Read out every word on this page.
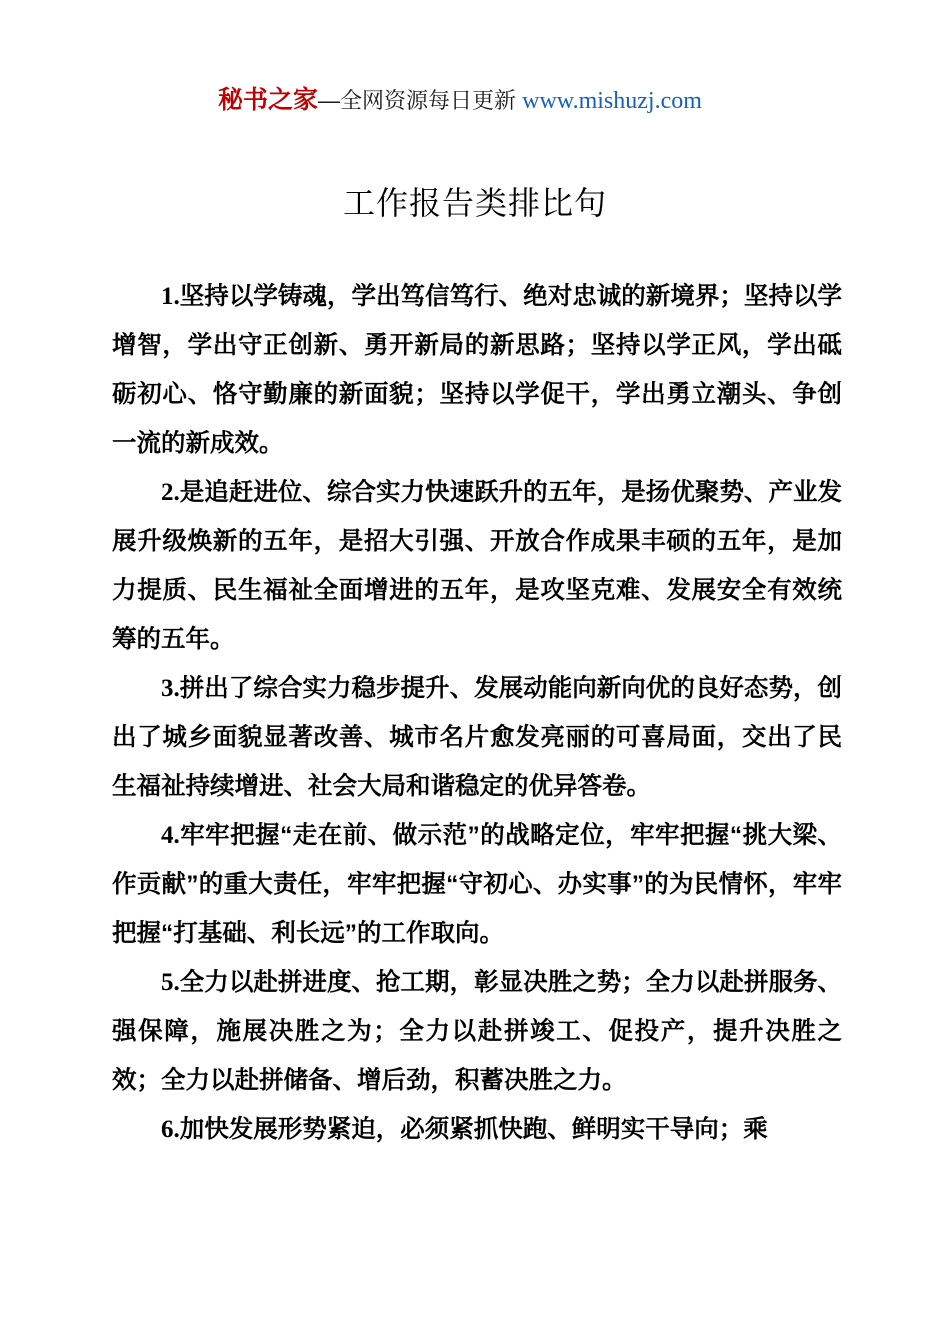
秘书之家—全网资源每日更新 www.mishuzj.com
工作报告类排比句

1.坚持以学铸魂，学出笃信笃行、绝对忠诚的新境界；坚持以学增智，学出守正创新、勇开新局的新思路；坚持以学正风，学出砥砺初心、恪守勤廉的新面貌；坚持以学促干，学出勇立潮头、争创一流的新成效。

2.是追赶进位、综合实力快速跃升的五年，是扬优聚势、产业发展升级焕新的五年，是招大引强、开放合作成果丰硕的五年，是加力提质、民生福祉全面增进的五年，是攻坚克难、发展安全有效统筹的五年。

3.拼出了综合实力稳步提升、发展动能向新向优的良好态势，创出了城乡面貌显著改善、城市名片愈发亮丽的可喜局面，交出了民生福祉持续增进、社会大局和谐稳定的优异答卷。

4.牢牢把握“走在前、做示范”的战略定位，牢牢把握“挑大梁、作贡献”的重大责任，牢牢把握“守初心、办实事”的为民情怀，牢牢把握“打基础、利长远”的工作取向。

5.全力以赴拼进度、抢工期，彰显决胜之势；全力以赴拼服务、强保障，施展决胜之为；全力以赴拼竣工、促投产，提升决胜之效；全力以赴拼储备、增后劲，积蓄决胜之力。

6.加快发展形势紧迫，必须紧抓快跑、鲜明实干导向；乘
